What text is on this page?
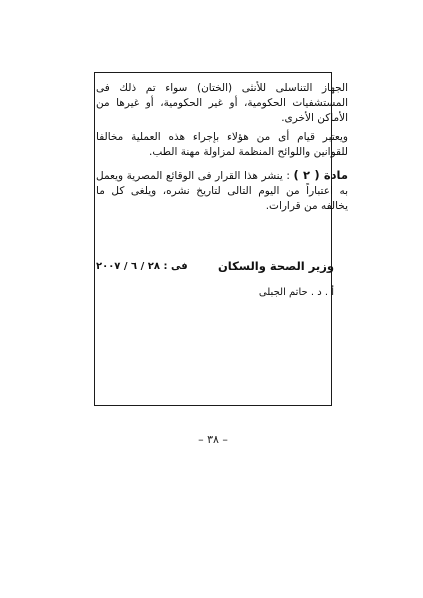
الجهاز التناسلى للأنثى (الختان) سواء تم ذلك فى المستشفيات الحكومية، أو غير الحكومية، أو غيرها من الأماكن الأخرى.

ويعتبر قيام أى من هؤلاء بإجراء هذه العملية مخالفا للقوانين واللوائح المنظمة لمزاولة مهنة الطب.

مادة ( ٢ ) : ينشر هذا القرار فى الوقائع المصرية ويعمل به اعتباراً من اليوم التالى لتاريخ نشره، ويلغى كل ما يخالفه من قرارات.

وزير الصحة والسكان
فى : ٢٨ / ٦ / ٢٠٠٧
أ . د . حاتم الجبلى
– ٣٨ –
